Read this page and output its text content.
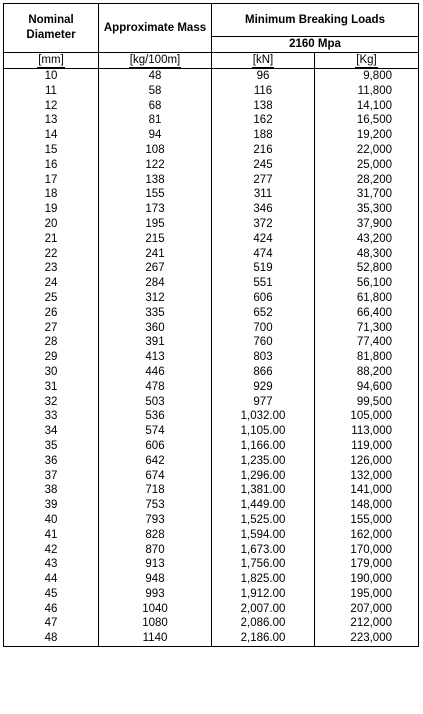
Nominal Diameter	Approximate Mass	Minimum Breaking Loads	
		2160 Mpa	
[mm]	[kg/100m]	[kN]	[Kg]
10	48	96	9,800
11	58	116	11,800
12	68	138	14,100
13	81	162	16,500
14	94	188	19,200
15	108	216	22,000
16	122	245	25,000
17	138	277	28,200
18	155	311	31,700
19	173	346	35,300
20	195	372	37,900
21	215	424	43,200
22	241	474	48,300
23	267	519	52,800
24	284	551	56,100
25	312	606	61,800
26	335	652	66,400
27	360	700	71,300
28	391	760	77,400
29	413	803	81,800
30	446	866	88,200
31	478	929	94,600
32	503	977	99,500
33	536	1,032.00	105,000
34	574	1,105.00	113,000
35	606	1,166.00	119,000
36	642	1,235.00	126,000
37	674	1,296.00	132,000
38	718	1,381.00	141,000
39	753	1,449.00	148,000
40	793	1,525.00	155,000
41	828	1,594.00	162,000
42	870	1,673.00	170,000
43	913	1,756.00	179,000
44	948	1,825.00	190,000
45	993	1,912.00	195,000
46	1040	2,007.00	207,000
47	1080	2,086.00	212,000
48	1140	2,186.00	223,000
